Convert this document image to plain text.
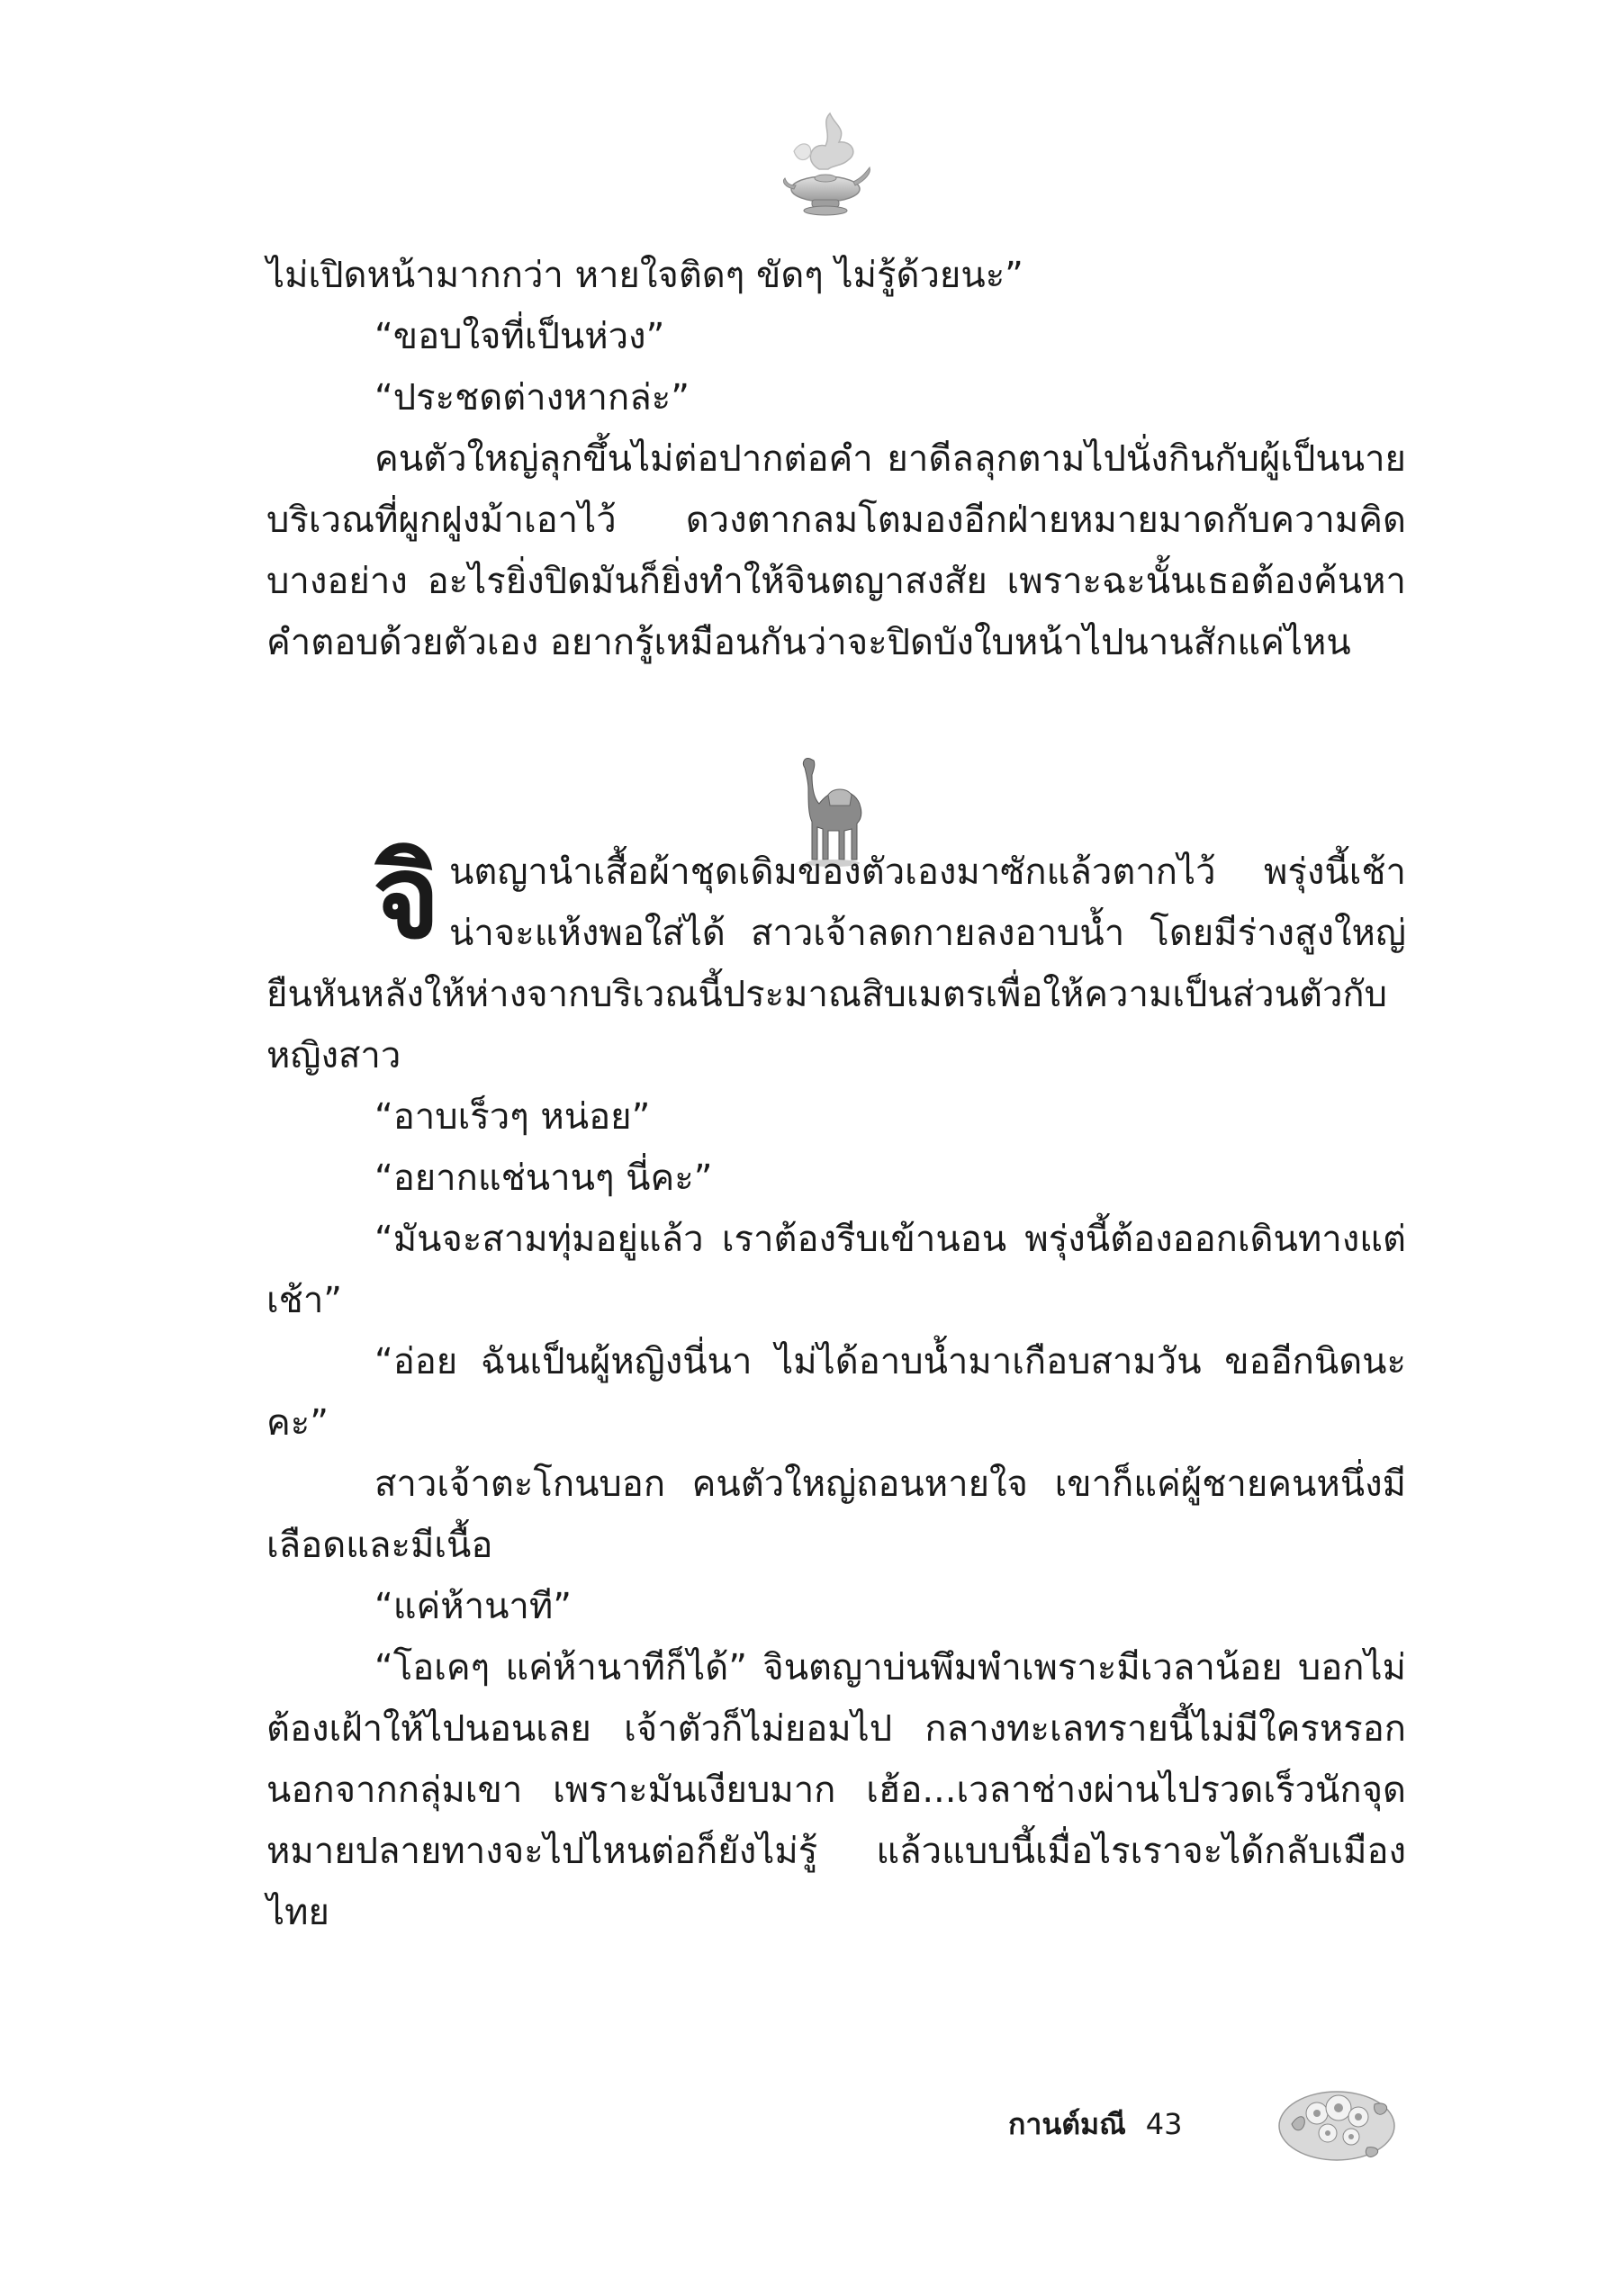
ไม่เปิดหน้ามากกว่า หายใจติดๆ ขัดๆ ไม่รู้ด้วยนะ”

“ขอบใจที่เป็นห่วง”

“ประชดต่างหากล่ะ”

คนตัวใหญ่ลุกขึ้นไม่ต่อปากต่อคำ ยาดีลลุกตามไปนั่งกินกับผู้เป็นนาย บริเวณที่ผูกฝูงม้าเอาไว้ ดวงตากลมโตมองอีกฝ่ายหมายมาดกับความคิดบางอย่าง อะไรยิ่งปิดมันก็ยิ่งทำให้จินตญาสงสัย เพราะฉะนั้นเธอต้องค้นหาคำตอบด้วยตัวเอง อยากรู้เหมือนกันว่าจะปิดบังใบหน้าไปนานสักแค่ไหน

จินตญานำเสื้อผ้าชุดเดิมของตัวเองมาซักแล้วตากไว้ พรุ่งนี้เช้าน่าจะแห้งพอใส่ได้ สาวเจ้าลดกายลงอาบน้ำ โดยมีร่างสูงใหญ่ยืนหันหลังให้ห่างจากบริเวณนี้ประมาณสิบเมตรเพื่อให้ความเป็นส่วนตัวกับหญิงสาว

“อาบเร็วๆ หน่อย”

“อยากแช่นานๆ นี่คะ”

“มันจะสามทุ่มอยู่แล้ว เราต้องรีบเข้านอน พรุ่งนี้ต้องออกเดินทางแต่เช้า”

“อ่อย ฉันเป็นผู้หญิงนี่นา ไม่ได้อาบน้ำมาเกือบสามวัน ขออีกนิดนะคะ”

สาวเจ้าตะโกนบอก คนตัวใหญ่ถอนหายใจ เขาก็แค่ผู้ชายคนหนึ่งมีเลือดและมีเนื้อ

“แค่ห้านาที”

“โอเคๆ แค่ห้านาทีก็ได้” จินตญาบ่นพึมพำเพราะมีเวลาน้อย บอกไม่ต้องเฝ้าให้ไปนอนเลย เจ้าตัวก็ไม่ยอมไป กลางทะเลทรายนี้ไม่มีใครหรอกนอกจากกลุ่มเขา เพราะมันเงียบมาก เฮ้อ...เวลาช่างผ่านไปรวดเร็วนักจุดหมายปลายทางจะไปไหนต่อก็ยังไม่รู้ แล้วแบบนี้เมื่อไรเราจะได้กลับเมืองไทย

กานต์มณี 43
